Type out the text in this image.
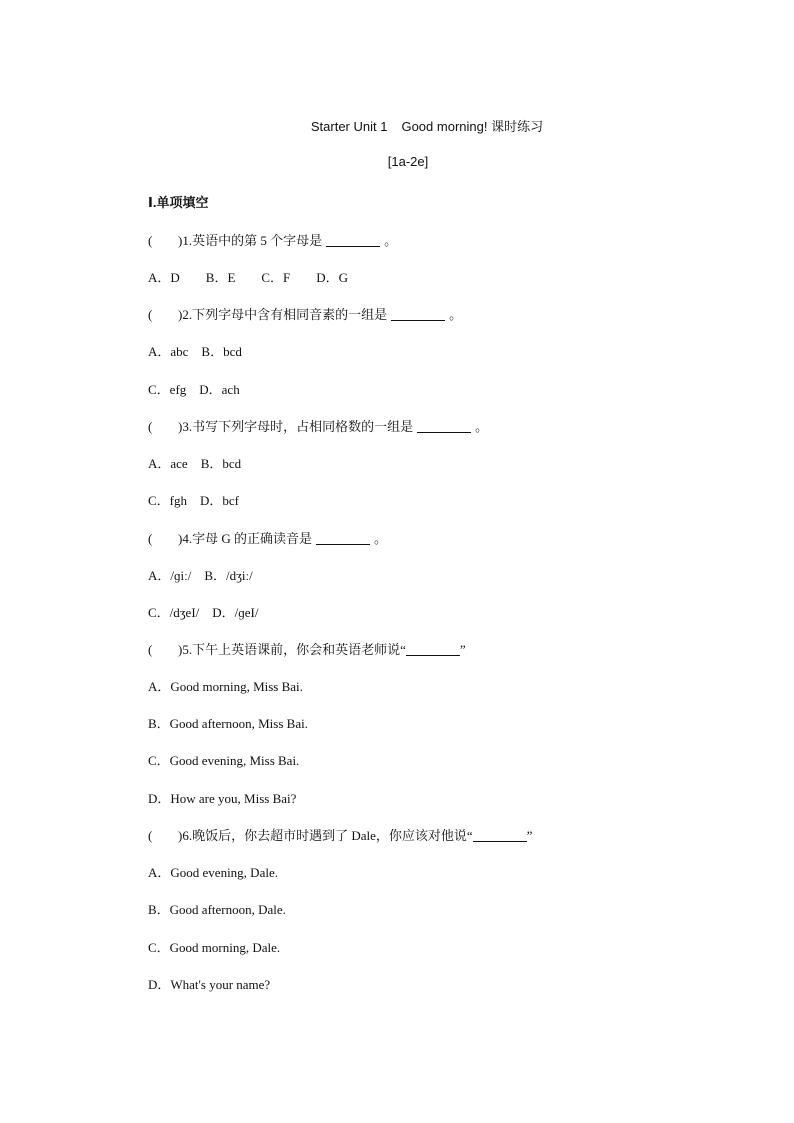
Starter Unit 1 Good morning! 课时练习
[1a-2e]
Ⅰ.单项填空
( )1.英语中的第 5 个字母是	。
A．D        B．E        C．F        D．G
( )2.下列字母中含有相同音素的一组是	。
A．abc    B．bcd
C．efg    D．ach
( )3.书写下列字母时，占相同格数的一组是	。
A．ace    B．bcd
C．fgh    D．bcf
( )4.字母 G 的正确读音是	。
A．/ɡiː/    B．/dʒiː/
C．/dʒeI/    D．/ɡeI/
( )5.下午上英语课前，你会和英语老师说“	”
A．Good morning, Miss Bai.
B．Good afternoon, Miss Bai.
C．Good evening, Miss Bai.
D．How are you, Miss Bai?
( )6.晚饭后，你去超市时遇到了 Dale，你应该对他说“	”
A．Good evening, Dale.
B．Good afternoon, Dale.
C．Good morning, Dale.
D．What's your name?
